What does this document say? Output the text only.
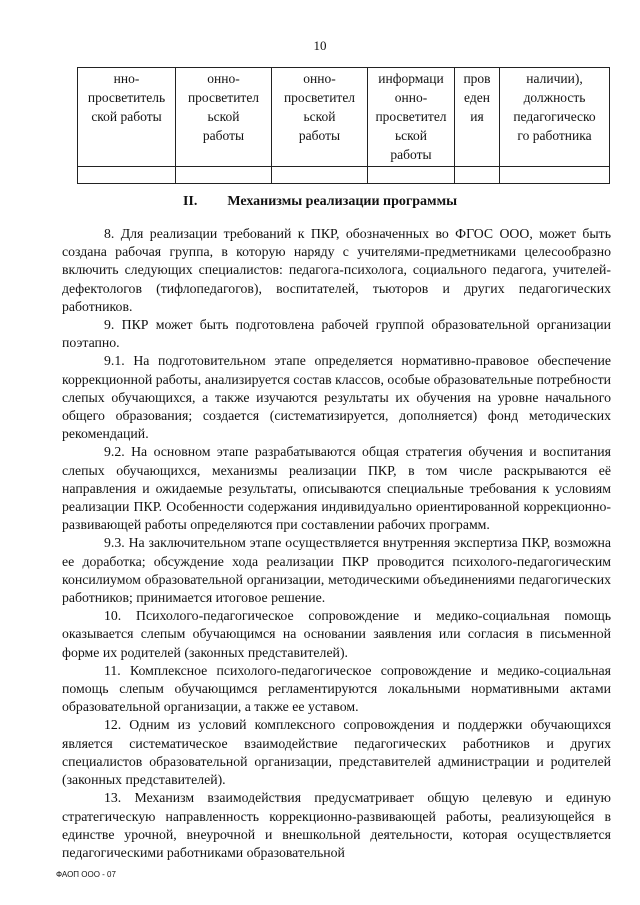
10
нно-
просветитель
ской работы	онно-
просветител
ьской
работы	онно-
просветител
ьской
работы	информаци
онно-
просветител
ьской
работы	пров
еден
ия	наличии),
должность
педагогическо
го работника

II. Механизмы реализации программы

8. Для реализации требований к ПКР, обозначенных во ФГОС ООО, может быть создана рабочая группа, в которую наряду с учителями-предметниками целесообразно включить следующих специалистов: педагога-психолога, социального педагога, учителей-дефектологов (тифлопедагогов), воспитателей, тьюторов и других педагогических работников.

9. ПКР может быть подготовлена рабочей группой образовательной организации поэтапно.

9.1. На подготовительном этапе определяется нормативно-правовое обеспечение коррекционной работы, анализируется состав классов, особые образовательные потребности слепых обучающихся, а также изучаются результаты их обучения на уровне начального общего образования; создается (систематизируется, дополняется) фонд методических рекомендаций.

9.2. На основном этапе разрабатываются общая стратегия обучения и воспитания слепых обучающихся, механизмы реализации ПКР, в том числе раскрываются её направления и ожидаемые результаты, описываются специальные требования к условиям реализации ПКР. Особенности содержания индивидуально ориентированной коррекционно-развивающей работы определяются при составлении рабочих программ.

9.3. На заключительном этапе осуществляется внутренняя экспертиза ПКР, возможна ее доработка; обсуждение хода реализации ПКР проводится психолого-педагогическим консилиумом образовательной организации, методическими объединениями педагогических работников; принимается итоговое решение.

10. Психолого-педагогическое сопровождение и медико-социальная помощь оказывается слепым обучающимся на основании заявления или согласия в письменной форме их родителей (законных представителей).

11. Комплексное психолого-педагогическое сопровождение и медико-социальная помощь слепым обучающимся регламентируются локальными нормативными актами образовательной организации, а также ее уставом.

12. Одним из условий комплексного сопровождения и поддержки обучающихся является систематическое взаимодействие педагогических работников и других специалистов образовательной организации, представителей администрации и родителей (законных представителей).

13. Механизм взаимодействия предусматривает общую целевую и единую стратегическую направленность коррекционно-развивающей работы, реализующейся в единстве урочной, внеурочной и внешкольной деятельности, которая осуществляется педагогическими работниками образовательной

ФАОП ООО - 07
